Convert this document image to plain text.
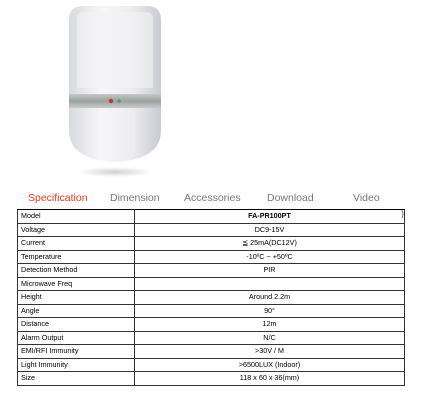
Specification Dimension Accessories	Download	Video
Model	FA-PR100PT
Voltage	DC9-15V
Current	≦ 25mA(DC12V)
Temperature	-10ºC ~ +50ºC
Detection Method	PIR
Microwave Freq	
Height	Around 2.2m
Angle	90°
Distance	12m
Alarm Output	N/C
EMI/RFI Immunity	>30V / M
Light Immunity	>6500LUX (Indoor)
Size	118 x 60 x 36(mm)
